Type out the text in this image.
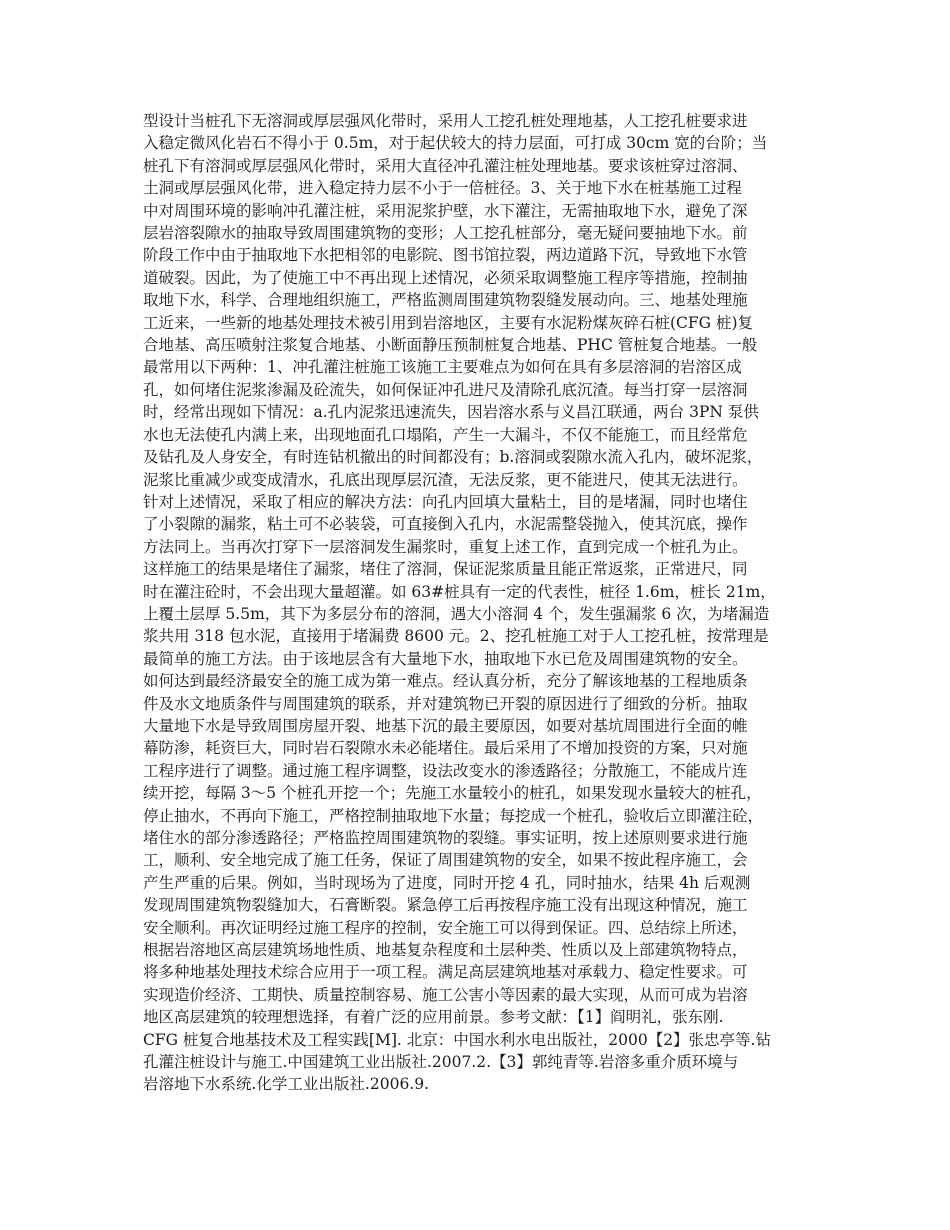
型设计当桩孔下无溶洞或厚层强风化带时，采用人工挖孔桩处理地基，人工挖孔桩要求进
入稳定微风化岩石不得小于 0.5m，对于起伏较大的持力层面，可打成 30cm 宽的台阶；当
桩孔下有溶洞或厚层强风化带时，采用大直径冲孔灌注桩处理地基。要求该桩穿过溶洞、
土洞或厚层强风化带，进入稳定持力层不小于一倍桩径。3、关于地下水在桩基施工过程
中对周围环境的影响冲孔灌注桩，采用泥浆护壁，水下灌注，无需抽取地下水，避免了深
层岩溶裂隙水的抽取导致周围建筑物的变形；人工挖孔桩部分，毫无疑问要抽地下水。前
阶段工作中由于抽取地下水把相邻的电影院、图书馆拉裂，两边道路下沉，导致地下水管
道破裂。因此，为了使施工中不再出现上述情况，必须采取调整施工程序等措施，控制抽
取地下水，科学、合理地组织施工，严格监测周围建筑物裂缝发展动向。三、地基处理施
工近来，一些新的地基处理技术被引用到岩溶地区，主要有水泥粉煤灰碎石桩(CFG 桩)复
合地基、高压喷射注浆复合地基、小断面静压预制桩复合地基、PHC 管桩复合地基。一般
最常用以下两种：1、冲孔灌注桩施工该施工主要难点为如何在具有多层溶洞的岩溶区成
孔，如何堵住泥浆渗漏及砼流失，如何保证冲孔进尺及清除孔底沉渣。每当打穿一层溶洞
时，经常出现如下情况：a.孔内泥浆迅速流失，因岩溶水系与义昌江联通，两台 3PN 泵供
水也无法使孔内满上来，出现地面孔口塌陷，产生一大漏斗，不仅不能施工，而且经常危
及钻孔及人身安全，有时连钻机撤出的时间都没有；b.溶洞或裂隙水流入孔内，破坏泥浆，
泥浆比重减少或变成清水，孔底出现厚层沉渣，无法反浆，更不能进尺，使其无法进行。
针对上述情况，采取了相应的解决方法：向孔内回填大量粘土，目的是堵漏，同时也堵住
了小裂隙的漏浆，粘土可不必装袋，可直接倒入孔内，水泥需整袋抛入，使其沉底，操作
方法同上。当再次打穿下一层溶洞发生漏浆时，重复上述工作，直到完成一个桩孔为止。
这样施工的结果是堵住了漏浆，堵住了溶洞，保证泥浆质量且能正常返浆，正常进尺，同
时在灌注砼时，不会出现大量超灌。如 63#桩具有一定的代表性，桩径 1.6m，桩长 21m，
上覆土层厚 5.5m，其下为多层分布的溶洞，遇大小溶洞 4 个，发生强漏浆 6 次，为堵漏造
浆共用 318 包水泥，直接用于堵漏费 8600 元。2、挖孔桩施工对于人工挖孔桩，按常理是
最简单的施工方法。由于该地层含有大量地下水，抽取地下水已危及周围建筑物的安全。
如何达到最经济最安全的施工成为第一难点。经认真分析，充分了解该地基的工程地质条
件及水文地质条件与周围建筑的联系，并对建筑物已开裂的原因进行了细致的分析。抽取
大量地下水是导致周围房屋开裂、地基下沉的最主要原因，如要对基坑周围进行全面的帷
幕防渗，耗资巨大，同时岩石裂隙水未必能堵住。最后采用了不增加投资的方案，只对施
工程序进行了调整。通过施工程序调整，设法改变水的渗透路径；分散施工，不能成片连
续开挖，每隔 3～5 个桩孔开挖一个；先施工水量较小的桩孔，如果发现水量较大的桩孔，
停止抽水，不再向下施工，严格控制抽取地下水量；每挖成一个桩孔，验收后立即灌注砼，
堵住水的部分渗透路径；严格监控周围建筑物的裂缝。事实证明，按上述原则要求进行施
工，顺利、安全地完成了施工任务，保证了周围建筑物的安全，如果不按此程序施工，会
产生严重的后果。例如，当时现场为了进度，同时开挖 4 孔，同时抽水，结果 4h 后观测
发现周围建筑物裂缝加大，石膏断裂。紧急停工后再按程序施工没有出现这种情况，施工
安全顺利。再次证明经过施工程序的控制，安全施工可以得到保证。四、总结综上所述，
根据岩溶地区高层建筑场地性质、地基复杂程度和土层种类、性质以及上部建筑物特点，
将多种地基处理技术综合应用于一项工程。满足高层建筑地基对承载力、稳定性要求。可
实现造价经济、工期快、质量控制容易、施工公害小等因素的最大实现，从而可成为岩溶
地区高层建筑的较理想选择，有着广泛的应用前景。参考文献：【1】阎明礼，张东刚.
CFG 桩复合地基技术及工程实践[M]. 北京：中国水利水电出版社，2000【2】张忠亭等.钻
孔灌注桩设计与施工.中国建筑工业出版社.2007.2.【3】郭纯青等.岩溶多重介质环境与
岩溶地下水系统.化学工业出版社.2006.9.
